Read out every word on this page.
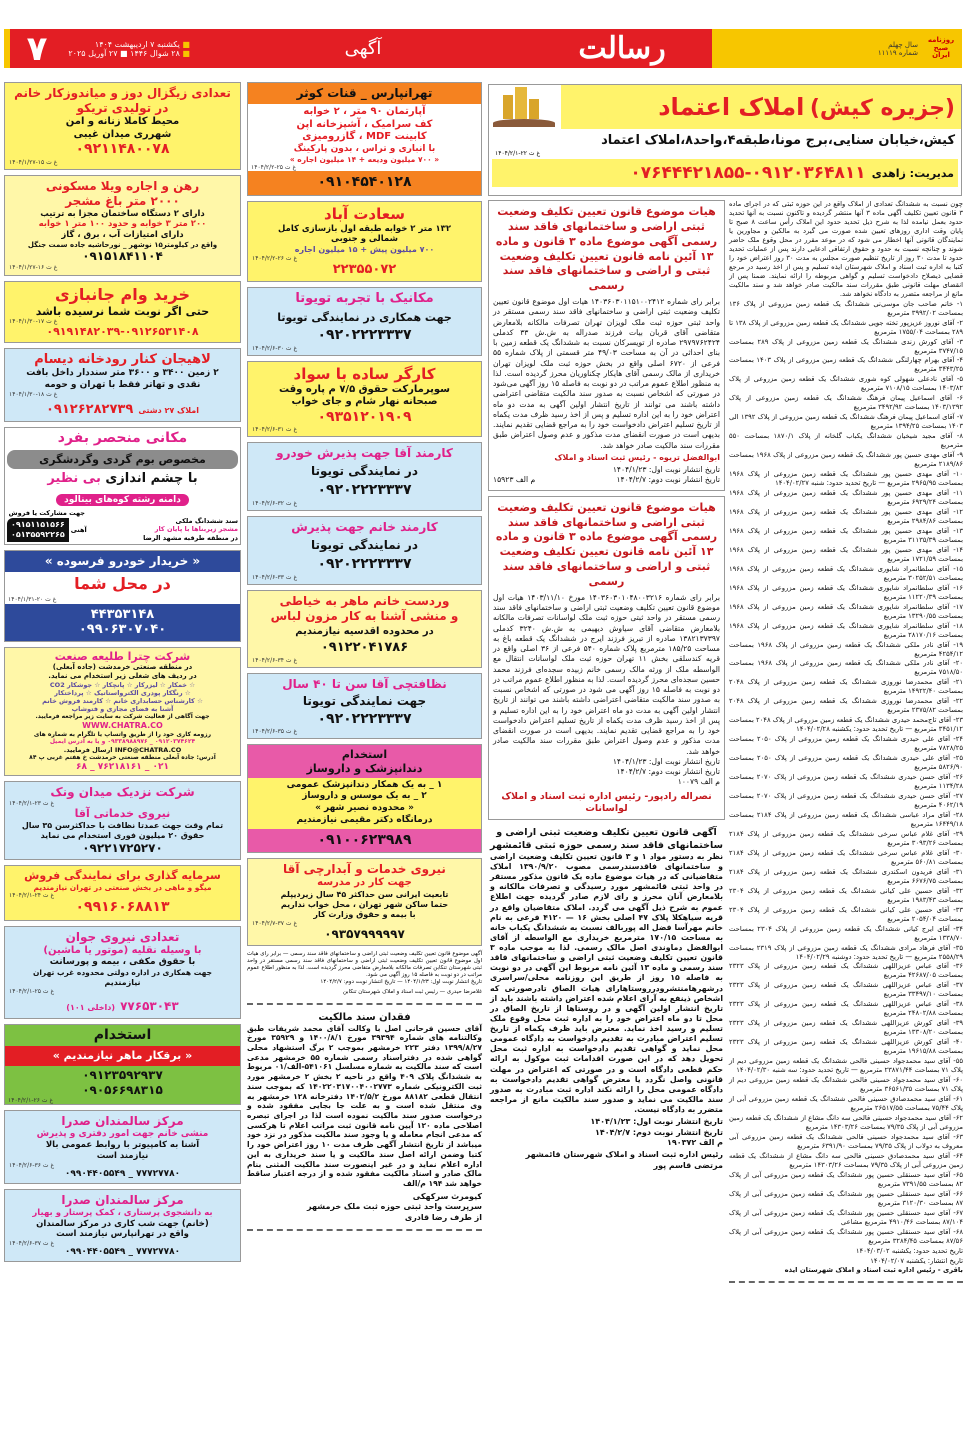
۷	■ یکشنبه ۷ اردیبهشت ۱۴۰۴
■ ۲۸ شوال ۱۴۴۶ ■ ۲۷ آوریل ۲۰۲۵	آگهی	رسالت	روزنامه صبح ایران
سال چهلم
شماره ۱۱۱۱۹
تعدادی زیگزال دوز و میاندوزکار خانم
در تولیدی تریکو
محیط کاملا زنانه و امن
شهرری میدان غیبی
۰۹۲۱۱۴۸۰۰۷۸
غ ت ۱۵-۱۴۰۴/۱/۲۷
رهن و اجاره ویلا مسکونی
۲۰۰۰ متر باغ مشجر
دارای ۲ دستگاه ساختمان مجزا به ترتیب
۲۰۰ متر ۳ خوابه و حدود ۱۰۰ متر ۱ خوابه
دارای امتیازات آب ، برق ، گاز
واقع در کیلومتر۱۵ نوشهر _ نورحاشیه جاده سمت جنگل
۰۹۱۵۱۸۴۱۱۰۴
غ ت ۱۶-۱۴۰۴/۱/۲۷
خرید وام جانبازی
حتی اگر نوبت شما نرسیده باشد
غ ت ۱۷-۱۴۰۴/۱/۳۰
۰۹۱۹۱۴۸۲۰۳۹-۰۹۱۲۶۵۳۱۴۰۸
لاهیجان کنار رودخانه دیسام
۲ زمین ۳۴۰۰ و ۳۶۰۰ متر سنددار داخل بافت
نقدی و تهاتر فقط با تهران و حومه
غ ت ۱۸-۱۴۰۴/۱/۳۰
املاک ۲۷ دشتی ۰۹۱۲۶۲۸۲۷۳۹
مکانی منحصر بفرد
مخصوص بوم گردی وگردشگری
با چشم اندازی بی نظیر
دامنه رشته کوه‌های بینالود
سند ششدانگ ملکی
مشجر زیربناها با پایان کار
در منطقه طرقبه مشهد الرضا
جهت مشارکت یا فروش
آهنی
۰۹۱۵۱۱۵۱۵۶۶
۰۵۱۳۵۵۹۲۲۶۵
« خریدار خودرو فرسوده »
در محل شما
غ ت ۲۰-۱۴۰۴/۱/۳۱
۴۴۳۵۳۱۴۸
۰۹۹۰۶۳۰۷۰۴۰
شرکت چترا طلیعه صنعت
در منطقه صنعتی خرمدشت (جاده آبعلی)
در ردیف های شغلی زیر استخدام می نماید.
☆ خمکار ☆ لیزرکار ☆ پانچکار ☆ جوشکار CO2
☆ رنگکار پودری الکترواستاتیک ☆ پرداختکار
☆ کارشناس حسابداری خانم ☆ کارمند فروش خانم
آشنا به فضای مجازی و فتوشاپ
جهت آگاهی از فعالیت شرکت به سایت زیر مراجعه فرمایید.
WWW.CHATRA.CO
رزومه کاری خود را از طریق واتساپ یا تلگرام به شماره های
۰۹۱۲۰۳۷۴۶۲۴ _ ۰۹۳۳۸۹۸۸۹۷۶ و یا به آدرس ایمیل
INFO@CHATRA.CO ارسال فرمایید.
آدرس: جاده آبعلی منطقه صنعتی خرمدشت خ هفتم غربی پ ۸۴
۰۲۱ _ ۷۶۲۱۸۱۶۱ _ ۶۸
شرکت نزدیک میدان ونک
غ ت ۲۳-۱۴۰۴/۲/۱
نیروی خدماتی آقا
تمام وقت جهت عمدتا نظافت با حداکثرسن ۳۵ سال
حقوق ۲۰ میلیون فوری استخدام می نماید
۰۹۲۲۱۷۲۵۲۷۰
سرمایه گذاری برای نمایندگی فروش
میگو و ماهی در بخش صنعتی در تهران نیازمندیم
غ ت ۲۴-۱۴۰۴/۲/۱
۰۹۹۱۶۰۶۸۸۱۳
تعدادی نیروی جوان
با وسیله نقلیه (موتور یا ماشین)
با حقوق مکفی ، بیمه و پورسانت
جهت همکاری در اداره دولتی محدوده غرب تهران
نیازمندیم
غ ت ۲۵-۱۴۰۴/۲/۱
۷۷۶۵۳۰۴۳ (داخلی ۱۰۱)
استخدام
« برقکار ماهر نیازمندیم »
۰۹۱۲۳۵۹۲۹۳۷
۰۹۰۵۶۶۹۸۳۱۵
غ ت ۲۶-۱۴۰۴/۲/۱
مرکز سالمندان صدرا
منشی خانم جهت امور دفتری و پذیرش
آشنا به کامپیوتر با روابط عمومی بالا
نیازمند است
غ ت ۳۶-۱۴۰۴/۲/۶
۷۷۷۲۷۷۸۰ _ ۰۹۹۰۴۴۰۵۵۴۹
مرکز سالمندان صدرا
به دانشجوی پرستاری ، کمک پرستار و بهیار
(خانم) جهت شب کاری در مرکز سالمندان
واقع در تهرانپارس نیازمند است
غ ت ۳۷-۱۴۰۴/۲/۶
۷۷۷۲۷۷۸۰ _ ۰۹۹۰۴۴۰۵۵۴۹
تهرانپارس _ قنات کوثر
آپارتمان ۹۰ متر ، ۲ خوابه
کف سرامیک ، آشپزخانه اپن
کابینت MDF ، گازرومیزی
با انباری و تراس ، بدون پارکینگ
« ۷۰۰ میلیون ودیعه + ۱۴ میلیون اجاره »
غ ت ۲۵-۱۴۰۴/۲/۲
۰۹۱۰۴۵۴۰۱۲۸
سعادت آباد
۱۳۲ متر ۲ خوابه طبقه اول بازسازی کامل
شمالی و جنوبی
۷۰۰ میلیون پیش + ۱۵ میلیون اجاره
غ ت ۲۶-۱۴۰۴/۲/۲
۲۲۳۵۵۰۷۲
مکانیک با تجربه تویوتا
جهت همکاری در نمایندگی تویوتا
۰۹۲۰۲۲۲۳۳۳۷
غ ت ۳۰-۱۴۰۴/۲/۶
کارگر ساده با سواد
سوپرمارکت حقوق ۷/۵ م پاره وقت
صبحانه نهار شام و جای خواب
۰۹۳۵۱۲۰۱۹۰۹
غ ت ۳۱-۱۴۰۴/۲/۶
کارمند آقا جهت پذیرش خودرو
در نمایندگی تویوتا
۰۹۲۰۲۲۲۳۳۳۷
غ ت ۳۲-۱۴۰۴/۲/۶
کارمند خانم جهت پذیرش
در نمایندگی تویوتا
۰۹۲۰۲۲۲۳۳۳۷
غ ت ۳۳-۱۴۰۴/۲/۶
وردست خانم ماهر به خیاطی
و منشی آشنا به کار مزون لباس
در محدوده اقدسیه نیازمندیم
۰۹۱۲۲۰۴۱۷۸۶
غ ت ۳۴-۱۴۰۴/۲/۶
نظافتچی آقا سن تا ۴۰ سال
جهت نمایندگی تویوتا
۰۹۲۰۲۲۲۳۳۳۷
غ ت ۳۵-۱۴۰۴/۲/۶
استخدام
دندانپزشک و داروساز
۱ _ به یک همکار دندانپزشک عمومی
۲ _ به یک موسس و داروساز
« محدوده نصیر شهر »
درمانگاه دکتر مقیمی نیازمندیم
۰۹۱۰۰۶۲۳۹۸۹
نیروی خدمات و آبدارچی آقا
جهت کار در مدرسه
تابعیت ایرانی سن حداکثر ۴۵ سال زیردیپلم
حتما ساکن شهر تهران ، محل خواب نداریم
با بیمه و حقوق وزارت کار
غ ت ۳۷-۱۴۰۴/۲/۷
۰۹۳۵۷۹۹۹۹۹۷
آگهی موضوع قانون تعیین تکلیف وضعیت ثبتی اراضی و ساختمانهای فاقد سند رسمی — برابر رای هیات اول موضوع قانون تعیین تکلیف وضعیت ثبتی اراضی و ساختمانهای فاقد سند رسمی مستقر در واحد ثبتی شهرستان تنکابن تصرفات مالکانه بلامعارض متقاضی محرز گردیده است. لذا به منظور اطلاع عموم مراتب در دو نوبت به فاصله ۱۵ روز آگهی می شود.
تاریخ انتشار نوبت اول: ۱۴۰۴/۱/۲۳ — تاریخ انتشار نوبت دوم: ۱۴۰۴/۲/۷
غلامرضا حیدری — رئیس ثبت اسناد و املاک شهرستان تنکابن
فقدان سند مالکیت
آقای حسین فرحانی اصل با وکالت آقای محمد شریفات طبق وکالتنامه های شماره ۳۹۳۹۴ مورخ ۱۴۰۰/۸/۱ و ۳۵۹۲۹ مورخ ۱۳۹۹/۸/۲۷ دفتر ۲۲۳ خرمشهر بموجب ۲ برگ استشهاد محلی گواهی شده در دفتراسناد رسمی شماره ۵۵ خرمشهر مدعی است که سند مالکیت به شماره مسلسل ۵۴۱۰۶۱-الف/۰۱ مربوط به ششدانگ پلاک ۴۰۹ واقع در ناحیه ۲ بخش ۲ خرمشهر مورد ثبت الکترونیکی شماره ۱۴۰۲۲۰۳۱۷۰۰۴۰۰۲۷۷۳ که بموجب سند انتقال قطعی ۸۸۱۸۲ مورخ ۱۴۰۲/۵/۲ دفترخانه ۱۲۸ خرمشهر به وی منتقل شده است و به علت جا بجایی مفقود شده و درخواست صدور سند مالکیت نموده است لذا در اجرای تبصره اصلاحی ماده ۱۲۰ آیین نامه قانون ثبت مراتب اعلام تا هرکسی که مدعی انجام معامله و یا وجود سند مالکیت مذکور در نزد خود میباشد از تاریخ انتشار آگهی ظرف مدت ۱۰ روز اعتراض خود را کتبا وضمن ارائه اصل سند مالکیت و یا سند خریداری به این اداره اعلام نماید و در غیر اینصورت سند مالکیت المثنی بنام مالک صادر و اسناد مالکیت مفقود شده و از درجه اعتبار ساقط خواهد شد ۱۹۴ م/الف
کیومرث سرکهکی
سرپرست واحد ثبتی حوزه ثبت ملک خرمشهر
از طرف رضا قادری
(جزیره کیش) املاک اعتماد
کیش،خیابان سنایی،برج مونا،طبقه۴،واحد۸،املاک اعتماد
غ ت ۲۲-۱۴۰۴/۲/۱
مدیریت: زاهدی
۰۷۶۴۴۴۲۱۸۵۵-۰۹۱۲۰۳۶۴۸۱۱
هیات موضوع قانون تعیین تکلیف وضعیت ثبتی اراضی و ساختمانهای فاقد سند رسمی آگهی موضوع ماده ۳ قانون و ماده ۱۳ آئین نامه قانون تعیین تکلیف وضعیت ثبتی و اراضی و ساختمانهای فاقد سند رسمی
برابر رای شماره ۱۴۰۳۶۰۳۰۱۱۵۱۰۰۲۴۱۲ هیات اول موضوع قانون تعیین تکلیف وضعیت ثبتی اراضی و ساختمانهای فاقد سند رسمی مستقر در واحد ثبتی حوزه ثبت ملک لویزان تهران تصرفات مالکانه بلامعارض متقاضی آقای قربان بیات فرزند صدراله به ش.ش ۳۳ کدملی ۲۹۷۹۷۶۲۴۲۴ صادره از تویسرکان نسبت به ششدانگ یک قطعه زمین با بنای احداثی در آن به مساحت ۴۹/۰۳ متر قسمتی از پلاک شماره ۵۵ فرعی از ۶۷۲۰ اصلی واقع در بخش حوزه ثبت ملک لویزان تهران خریداری از مالک رسمی آقای هایکار چکناوریان محرز گردیده است. لذا به منظور اطلاع عموم مراتب در دو نوبت به فاصله ۱۵ روز آگهی می‌شود در صورتی که اشخاص نسبت به صدور سند مالکیت متقاضی اعتراضی داشته باشند می توانند از تاریخ انتشار اولین آگهی به مدت دو ماه اعتراض خود را به این اداره تسلیم و پس از اخذ رسید ظرف مدت یکماه از تاریخ تسلیم اعتراض دادخواست خود را به مراجع قضایی تقدیم نمایند. بدیهی است در صورت انقضای مدت مذکور و عدم وصول اعتراض طبق مقررات سند مالکیت صادر خواهد شد.
ابوالفضل تریوه - رئیس ثبت اسناد و املاک
تاریخ انتشار نوبت اول: ۱۴۰۴/۱/۲۳
تاریخ انتشار نوبت دوم: ۱۴۰۴/۲/۷
م الف ۱۵۹۲۳
هیات موضوع قانون تعیین تکلیف وضعیت ثبتی اراضی و ساختمانهای فاقد سند رسمی آگهی موضوع ماده ۳ قانون و ماده ۱۳ آئین نامه قانون تعیین تکلیف وضعیت ثبتی و اراضی و ساختمانهای فاقد سند رسمی
برابر رای شماره ۱۴۰۳۶۰۳۰۱۰۴۸۰۰۳۲۱۶ مورخ ۱۴۰۳/۱۱/۱۰ هیات اول موضوع قانون تعیین تکلیف وضعیت ثبتی اراضی و ساختمانهای فاقد سند رسمی مستقر در واحد ثبتی حوزه ثبت ملک لواسانات تصرفات مالکانه بلامعارض متقاضی آقای سیاوش دیهیمی به ش.ش ۳۲۴۰ کدملی ۱۳۸۲۱۳۷۳۹۷ صادره از تبریز فرزند ایرج در ششدانگ یک قطعه باغ به مساحت ۱۸۵/۲۵ مترمربع پلاک شماره ۵۴۰ فرعی از ۳۶ اصلی واقع در قریه کندسلقی بخش ۱۱ تهران حوزه ثبت ملک لواسانات انتقال مع الواسطه ملک از ورثه مالک رسمی خانم زبیده سجده‌ای فرزند محمد حسین سجده‌ای محرز گردیده است. لذا به منظور اطلاع عموم مراتب در دو نوبت به فاصله ۱۵ روز آگهی می شود در صورتی که اشخاص نسبت به صدور سند مالکیت متقاضی اعتراضی داشته باشند می توانند از تاریخ انتشار اولین آگهی به مدت دو ماه اعتراض خود را به این اداره تسلیم و پس از اخذ رسید ظرف مدت یکماه از تاریخ تسلیم اعتراض دادخواست خود را به مراجع قضایی تقدیم نمایند. بدیهی است در صورت انقضای مدت مذکور و عدم وصول اعتراض طبق مقررات سند مالکیت صادر خواهد شد.
تاریخ انتشار نوبت اول: ۱۴۰۴/۱/۲۳
تاریخ انتشار نوبت دوم: ۱۴۰۴/۲/۷
م الف ۱۰۰۷۹
نصراله رادپور- رئیس اداره ثبت اسناد و املاک لواسانات
آگهی قانون تعیین تکلیف وضعیت ثبتی اراضی و ساختمانهای فاقد سند رسمی حوزه ثبتی قائمشهر
نظر به دستور مواد ۱ و ۳ قانون تعیین تکلیف وضعیت اراضی و ساختمانهای فاقدسندرسمی مصوب ۱۳۹۰/۹/۲۰ املاک متقاضیانی که در هیات موضوع ماده یک قانون مذکور مستقر در واحد ثبتی قائمشهر مورد رسیدگی و تصرفات مالکانه و بلامعارض آنان محرز و رای لازم صادر گردیده جهت اطلاع عموم به شرح ذیل آگهی می گردد. املاک متقاضیان واقع در قریه سیاهکلا پلاک ۴۷ اصلی بخش ۱۶ — ۴۱۲۰ فرعی به نام خانم مهرآسا فضل اله پوربالف نسبت به ششدانگ یکباب خانه به مساحت ۱۷۰/۱۵ مترمربع خریداری مع الواسطه از آقای ابوالفضل دماوندی اصل مالک رسمی. لذا به موجب ماده ۳ قانون تعیین تکلیف وضعیت ثبتی اراضی و ساختمانهای فاقد سند رسمی و ماده ۱۳ آئین نامه مربوط این آگهی در دو نوبت به فاصله ۱۵ روز از طریق این روزنامه محلی/سراسری درشهرهامنتشرودرروستاهارای هیات الصاق تادرصورتی که اشخاص ذینفع به آرای اعلام شده اعتراض داشته باشند باید از تاریخ انتشار اولین آگهی و در روستاها از تاریخ الصاق در محل تا دو ماه اعتراض خود را به اداره ثبت محل وقوع ملک تسلیم و رسید اخذ نماید. معترض باید ظرف یکماه از تاریخ تسلیم اعتراض مبادرت به تقدیم دادخواست به دادگاه عمومی محل نماید و گواهی تقدیم دادخواست به اداره ثبت محل تحویل دهد که در این صورت اقدامات ثبت موکول به ارائه حکم قطعی دادگاه است و در صورتی که اعتراض در مهلت قانونی واصل نگردد یا معترض گواهی تقدیم دادخواست به دادگاه عمومی محل را ارائه نکند اداره ثبت مبادرت به صدور سند مالکیت می نماید و صدور سند مالکیت مانع از مراجعه متضرر به دادگاه نیست.
تاریخ انتشار نوبت اول: ۱۴۰۴/۱/۲۳
تاریخ انتشار نوبت دوم: ۱۴۰۴/۲/۷
م الف ۱۹۰۳۷۲
رئیس اداره ثبت اسناد و املاک شهرستان قائمشهر
مرتضی قاسم پور

چون نسبت به ششدانگ تعدادی از املاک واقع در این حوزه ثبتی که در اجرای ماده ۳ قانون تعیین تکلیف آگهی ماده ۳ آنها منتشر گردیده و تاکنون نسبت به آنها تحدید حدود بعمل نیامده لذا به شرح ذیل تحدید حدود این املاک رأس ساعت ۸ صبح تا پایان وقت اداری روزهای تعیین شده صورت می گیرد به مالکین و مجاورین یا نمایندگان قانونی آنها اخطار می شود که در موعد مقرر در محل وقوع ملک حاضر شوند و چنانچه نسبت به حدود و حقوق ارتفاقی ادعایی دارند پس از عملیات تحدید حدود تا مدت ۳۰ روز از تاریخ تنظیم صورت مجلس به مدت ۳۰ روز اعتراض خود را کتبا به اداره ثبت اسناد و املاک شهرستان ایذه تسلیم و پس از اخذ رسید در مرجع قضایی ذیصلاح دادخواست تسلیم و گواهی مربوطه را ارائه نمایند. ضمنا پس از انقضای مهلت قانونی طبق مقررات سند مالکیت صادر خواهد شد و سند مالکیت مانع از مراجعه متضرر به دادگاه نخواهد شد.

۱- خانم صاحب جان موسی‌نی ششدانگ یک قطعه زمین مزروعی از پلاک ۱۳۶ بمساحت ۳۹۹۲/۰۲ مترمربع

۲- آقای نوروز عزیزپور تخته جویی ششدانگ یک قطعه زمین مزروعی از پلاک ۱۳۸ تا ۲۸۹ بمساحت ۱۷۵۵/۰۴ مترمربع

۳- آقای کورش زندی ششدانگ یک قطعه زمین مزروعی از پلاک ۲۸۹ بمساحت ۳۷۴۷/۱۵ مترمربع

۴- آقای بهرام چهارلنگی ششدانگ یک قطعه زمین مزروعی از پلاک ۱۴۰۳ بمساحت ۳۴۴۳/۲۵ مترمربع

۵- آقای نادعلی شهولی کوه شوری ششدانگ یک قطعه زمین مزروعی از پلاک ۱۴۰۳/۸۲ بمساحت ۷۱۰۸/۱۵ مترمربع

۶- آقای اسماعیل پیمان فرهنگ ششدانگ یک قطعه زمین مزروعی از پلاک ۱۴۰۳/۱۳۹۲ بمساحت ۳۴۹۲/۹۲ مترمربع

۷- آقای اسماعیل پیمان فرهنگ ششدانگ یک قطعه زمین مزروعی از پلاک ۱۳۹۲ الی ۱۴۰۳ بمساحت ۱۳۹۴/۲۵ مترمربع

۸- آقای مجید شیخیان ششدانگ یکباب گلخانه از پلاک ۱۸۷۰/۱ بمساحت ۵۵۰ مترمربع

۹- آقای مهدی حسین پور ششدانگ یک قطعه زمین مزروعی از پلاک ۱۹۶۸ بمساحت ۲۱۸۹/۸۶ مترمربع

۱۰- آقای مهدی حسین پور ششدانگ یک قطعه زمین مزروعی از پلاک ۱۹۶۸ بمساحت ۲۹۶۵/۹۵ مترمربع — تاریخ تحدید حدود: شنبه ۱۴۰۴/۰۲/۲۷

۱۱- آقای مهدی حسین پور ششدانگ یک قطعه زمین مزروعی از پلاک ۱۹۶۸ بمساحت ۶۹۲۹/۲۴ مترمربع

۱۲- آقای مهدی حسین پور ششدانگ یک قطعه زمین مزروعی از پلاک ۱۹۶۸ بمساحت ۲۹۸۴/۸۶ مترمربع

۱۳- آقای مهدی حسین پور ششدانگ یک قطعه زمین مزروعی از پلاک ۱۹۶۸ بمساحت ۳۱۱۳۵/۳۹ مترمربع

۱۴- آقای مهدی حسین پور ششدانگ یک قطعه زمین مزروعی از پلاک ۱۹۶۸ بمساحت ۱۷۲۱/۵۹ مترمربع

۱۵- آقای سلطانمراد شایوری ششدانگ یک قطعه زمین مزروعی از پلاک ۱۹۶۸ بمساحت ۳۰۲۵۲/۵۱ مترمربع

۱۶- آقای سلطانمراد شایوری ششدانگ یک قطعه زمین مزروعی از پلاک ۱۹۶۸ بمساحت ۱۱۲۲۰/۳۹ مترمربع

۱۷- آقای سلطانمراد شایوری ششدانگ یک قطعه زمین مزروعی از پلاک ۱۹۶۸ بمساحت ۱۳۲۹۰/۵۵ مترمربع

۱۸- آقای سلطانمراد شایوری ششدانگ یک قطعه زمین مزروعی از پلاک ۱۹۶۸ بمساحت ۲۸۱۷۰/۱۶ مترمربع

۱۹- آقای نادر ملکی ششدانگ یک قطعه زمین مزروعی از پلاک ۱۹۶۸ بمساحت ۴۲۵۴/۱۲ مترمربع

۲۰- آقای نادر ملکی ششدانگ یک قطعه زمین مزروعی از پلاک ۱۹۶۸ بمساحت ۷۵۱۸/۵۰ مترمربع

۲۱- آقای محمدرضا نوروزی ششدانگ یک قطعه زمین مزروعی از پلاک ۲۰۴۸ بمساحت ۱۴۹۲۲/۴۰ مترمربع

۲۲- آقای محمدرضا نوروزی ششدانگ یک قطعه زمین مزروعی از پلاک ۲۰۴۸ بمساحت ۲۳۷۵/۸۲ مترمربع

۲۳- آقای تاج‌محمد حیدری ششدانگ یک قطعه زمین مزروعی از پلاک ۲۰۴۸ بمساحت ۳۴۵۱/۱۲ مترمربع — تاریخ تحدید حدود: یکشنبه ۱۴۰۴/۰۲/۲۸

۲۴- آقای علی حیدری ششدانگ یک قطعه زمین مزروعی از پلاک ۲۰۵۰ بمساحت ۷۸۲۸/۲۵ مترمربع

۲۵- آقای علی حیدری ششدانگ یک قطعه زمین مزروعی از پلاک ۲۰۵۰ بمساحت ۵۸۲۶/۹۰ مترمربع

۲۶- آقای حسن حیدری ششدانگ یک قطعه زمین مزروعی از پلاک ۲۰۷۰ بمساحت ۱۱۳۴/۲۸ مترمربع

۲۷- آقای حسن حیدری ششدانگ یک قطعه زمین مزروعی از پلاک ۲۰۷۰ بمساحت ۴۰۶۲/۱۹ مترمربع

۲۸- آقای مراد عباسی ششدانگ یک قطعه زمین مزروعی از پلاک ۲۱۸۴ بمساحت ۱۶۴۴۹/۱۸ مترمربع

۲۹- آقای غلام عباس سرخی ششدانگ یک قطعه زمین مزروعی از پلاک ۲۱۸۴ بمساحت ۳۰۹۳/۲۶ مترمربع

۳۰- آقای غلام عباس سرخی ششدانگ یک قطعه زمین مزروعی از پلاک ۲۱۸۴ بمساحت ۵۶۰/۸۱ مترمربع

۳۱- آقای فریدون اسکندری ششدانگ یک قطعه زمین مزروعی از پلاک ۲۱۸۴ بمساحت ۶۶۷۶/۷۵ مترمربع

۳۲- آقای حسین علی کیانی ششدانگ یک قطعه زمین مزروعی از پلاک ۲۳۰۴ بمساحت ۱۹۸۳/۴۳ مترمربع

۳۳- آقای حسین علی کیانی ششدانگ یک قطعه زمین مزروعی از پلاک ۲۳۰۴ بمساحت ۲۰۵۴/۰۴ مترمربع

۳۴- آقای ایرج کیانی ششدانگ یک قطعه زمین مزروعی از پلاک ۲۳۰۴ بمساحت ۱۳۳۸/۷۰ مترمربع

۳۵- آقای فرهاد مرادی ششدانگ یک قطعه زمین مزروعی از پلاک ۲۳۱۹ بمساحت ۲۵۵۸/۲۹ مترمربع — تاریخ تحدید حدود: دوشنبه ۱۴۰۴/۰۲/۲۹

۳۶- آقای عباس عزیزاللهی ششدانگ یک قطعه زمین مزروعی از پلاک ۲۳۲۳ بمساحت ۴۲۶۸۷/۰۵ مترمربع

۳۷- آقای عباس عزیزاللهی ششدانگ یک قطعه زمین مزروعی از پلاک ۲۳۲۳ بمساحت ۳۳۴۹۷/۱۰ مترمربع

۳۸- آقای عباس عزیزاللهی ششدانگ یک قطعه زمین مزروعی از پلاک ۲۳۲۳ بمساحت ۲۴۸۰۲/۸۸ مترمربع

۳۹- آقای کورش عزیزاللهی ششدانگ یک قطعه زمین مزروعی از پلاک ۲۳۲۳ بمساحت ۱۳۳۰۸/۲۰ مترمربع

۴۰- آقای کورش عزیزاللهی ششدانگ یک قطعه زمین مزروعی از پلاک ۲۳۲۳ بمساحت ۱۹۶۱۵/۸۸ مترمربع

۵۵- آقای سید محمدجواد حسینی فالحی ششدانگ یک قطعه زمین مزروعی دیم از پلاک ۷۱ بمساحت ۲۳۸۷۱/۴۴ مترمربع — تاریخ تحدید حدود: سه شنبه ۱۴۰۴/۰۲/۳۰

۶۰- آقای سید محمدجواد حسینی فالحی ششدانگ یک قطعه زمین مزروعی دیم از پلاک ۷۱ بمساحت ۳۶۵۶۱/۳۵ مترمربع

۶۱- آقای سید محمدصادق حسینی فالحی ششدانگ یک قطعه زمین مزروعی آبی از پلاک ۷۵/۴۴ بمساحت ۲۶۵۱۷/۵۵ مترمربع

۶۲- آقای سید محمدجواد حسینی فالحی سه دانگ مشاع از ششدانگ یک قطعه زمین مزروعی آبی از پلاک ۷۹/۳۵ بمساحت ۱۴۳۰۳/۲۶ مترمربع

۶۳- آقای سید محمدجواد حسینی فالحی ششدانگ یک قطعه زمین مزروعی آبی معروف به دولاب از پلاک ۷۹/۳۵ بمساحت ۶۳۹۱/۹۰ مترمربع

۶۴- آقای سید محمدصادق حسینی فالحی سه دانگ مشاع از ششدانگ یک قطعه زمین مزروعی آبی از پلاک ۷۹/۳۵ بمساحت ۱۴۳۰۳/۲۶ مترمربع

۶۵- آقای سید حسنقلی حسین پور ششدانگ یک قطعه زمین مزروعی آبی از پلاک ۸۲ بمساحت ۷۳۹۱/۵۵ مترمربع

۶۶- آقای سید حسنقلی حسین پور ششدانگ یک قطعه زمین مزروعی آبی از پلاک ۸۷ بمساحت ۳۱۲۰/۳۰ مترمربع

۶۷- آقای سید حسنقلی حسین پور ششدانگ یک قطعه زمین مزروعی آبی از پلاک ۸۷/۱۰۴ بمساحت ۴۹۱۰/۴۶ مترمربع مشاعی

۶۸- آقای سید حسنقلی حسین پور ششدانگ یک قطعه زمین مزروعی آبی از پلاک ۸۷/۵۶ بمساحت ۳۲۸۴/۴۵ مترمربع

تاریخ تحدید حدود: یکشنبه ۱۴۰۴/۰۳/۰۲

تاریخ انتشار: یکشنبه ۱۴۰۴/۰۲/۰۷

باقری - رئیس اداره ثبت اسناد و املاک شهرستان ایذه
